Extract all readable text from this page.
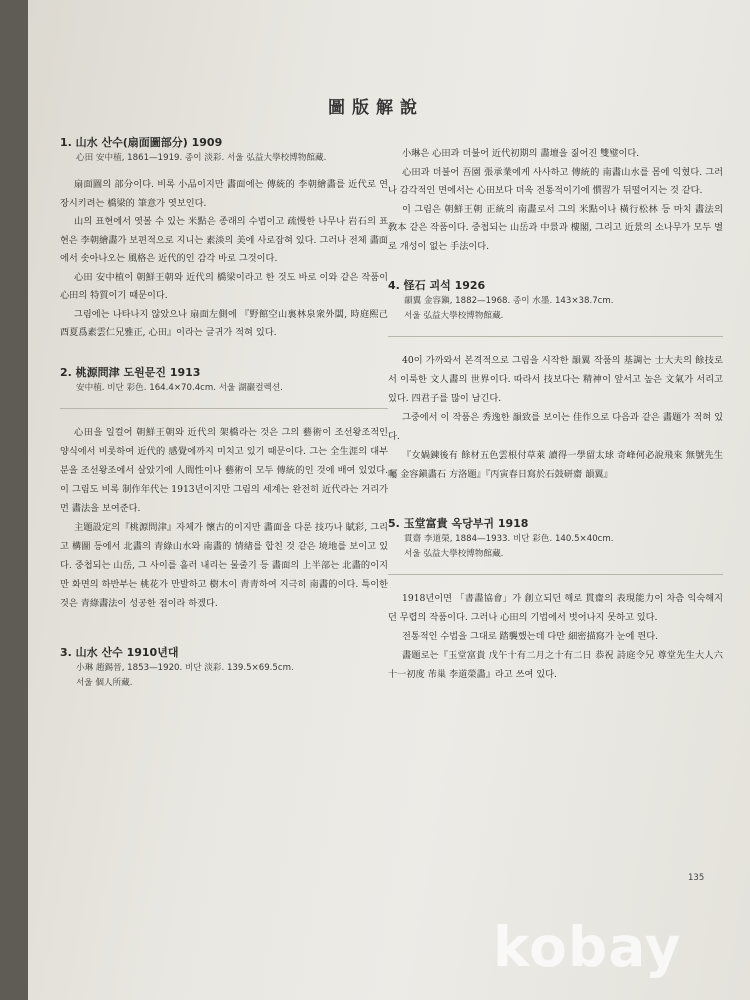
圖版解說
1. 山水 산수(扇面圖部分) 1909
心田 安中植, 1861—1919. 종이 淡彩. 서울 弘益大學校博物館藏.

扇面圖의 部分이다. 비록 小品이지만 畵面에는 傳統的 李朝繪畵를 近代로 연장시키려는 橋梁的 筆意가 엿보인다.

山의 표현에서 엿볼 수 있는 米點은 종래의 수법이고 疏慢한 나무나 岩石의 표현은 李朝繪畵가 보편적으로 지니는 素淡의 美에 사로잡혀 있다. 그러나 전체 畵面에서 솟아나오는 風格은 近代的인 감각 바로 그것이다.

心田 安中植이 朝鮮王朝와 近代의 橋梁이라고 한 것도 바로 이와 같은 작품이 心田의 特質이기 때문이다.

그림에는 나타나지 않았으나 扇面左側에 『野館空山裏林泉衆外闆, 時庭熙己酉夏爲素雲仁兄雅正, 心田』이라는 글귀가 적혀 있다.

2. 桃源問津 도원문진 1913
安中植. 비단 彩色. 164.4×70.4cm. 서울 湖巖컬렉션.

心田을 일컬어 朝鮮王朝와 近代의 架橋라는 것은 그의 藝術이 조선왕조적인 양식에서 비롯하여 近代的 感覺에까지 미치고 있기 때문이다. 그는 全生涯의 대부분을 조선왕조에서 살았기에 人間性이나 藝術이 모두 傳統的인 것에 배여 있었다. 이 그림도 비록 制作年代는 1913년이지만 그림의 세계는 완전히 近代라는 거리가 먼 畵法을 보여준다.

主題設定의『桃源問津』자체가 懷古的이지만 畵面을 다룬 技巧나 賦彩, 그리고 構圖 등에서 北畵의 青綠山水와 南畵的 情緖를 합친 것 같은 境地를 보이고 있다. 중첩되는 山岳, 그 사이를 흘러 내리는 물줄기 등 畵面의 上半部는 北畵的이지만 화면의 하반부는 桃花가 만발하고 樹木이 靑靑하여 지극히 南畵的이다. 특이한 것은 青綠畵法이 성공한 점이라 하겠다.

3. 山水 산수 1910년대
小琳 趙錫晉, 1853—1920. 비단 淡彩. 139.5×69.5cm.
서울 個人所藏.

小琳은 心田과 더불어 近代初期의 畵壇을 짊어진 雙璧이다.

心田과 더불어 吾園 張承業에게 사사하고 傳統的 南畵山水를 몸에 익혔다. 그러나 감각적인 면에서는 心田보다 더욱 전통적이기에 慣習가 뒤떨어지는 것 같다.

이 그림은 朝鮮王朝 正統의 南畵로서 그의 米點이나 橫行松林 등 마치 畵法의 敎本 같은 작품이다. 중첩되는 山岳과 中景과 樓閣, 그리고 近景의 소나무가 모두 별로 개성이 없는 手法이다.

4. 怪石 괴석 1926
韻翼 金容鎭, 1882—1968. 종이 水墨. 143×38.7cm.
서울 弘益大學校博物館藏.

40이 가까와서 본격적으로 그림을 시작한 韻翼 작품의 基調는 士大夫의 餘技로서 이룩한 文人畵의 世界이다. 따라서 技보다는 精神이 앞서고 높은 文氣가 서리고 있다. 四君子를 많이 남긴다.

그중에서 이 작품은 秀逸한 韻致를 보이는 佳作으로 다음과 같은 畵題가 적혀 있다.

『女媧鍊後有 餘材五色雲根付草萊 讀得一學留太球 奇峰何必說飛來 無號先生囑 金容鎭畵石 方洛題』『丙寅春日寫於石鼓研齋 韻翼』

5. 玉堂富貴 옥당부귀 1918
貫齋 李道榮, 1884—1933. 비단 彩色. 140.5×40cm.
서울 弘益大學校博物館藏.

1918년이면 「書畵協會」가 創立되던 해로 貫齋의 表現能力이 차츰 익숙해지던 무렵의 작품이다. 그러나 心田의 기법에서 벗어나지 못하고 있다.

전통적인 수법을 그대로 踏襲했는데 다만 細密描寫가 눈에 띈다.

畵題로는『玉堂富貴 戊午十有二月之十有二日 恭祝 詩庭令兄 尊堂先生大人六十一初度 芾巢 李道榮畵』라고 쓰여 있다.

135
kobay
